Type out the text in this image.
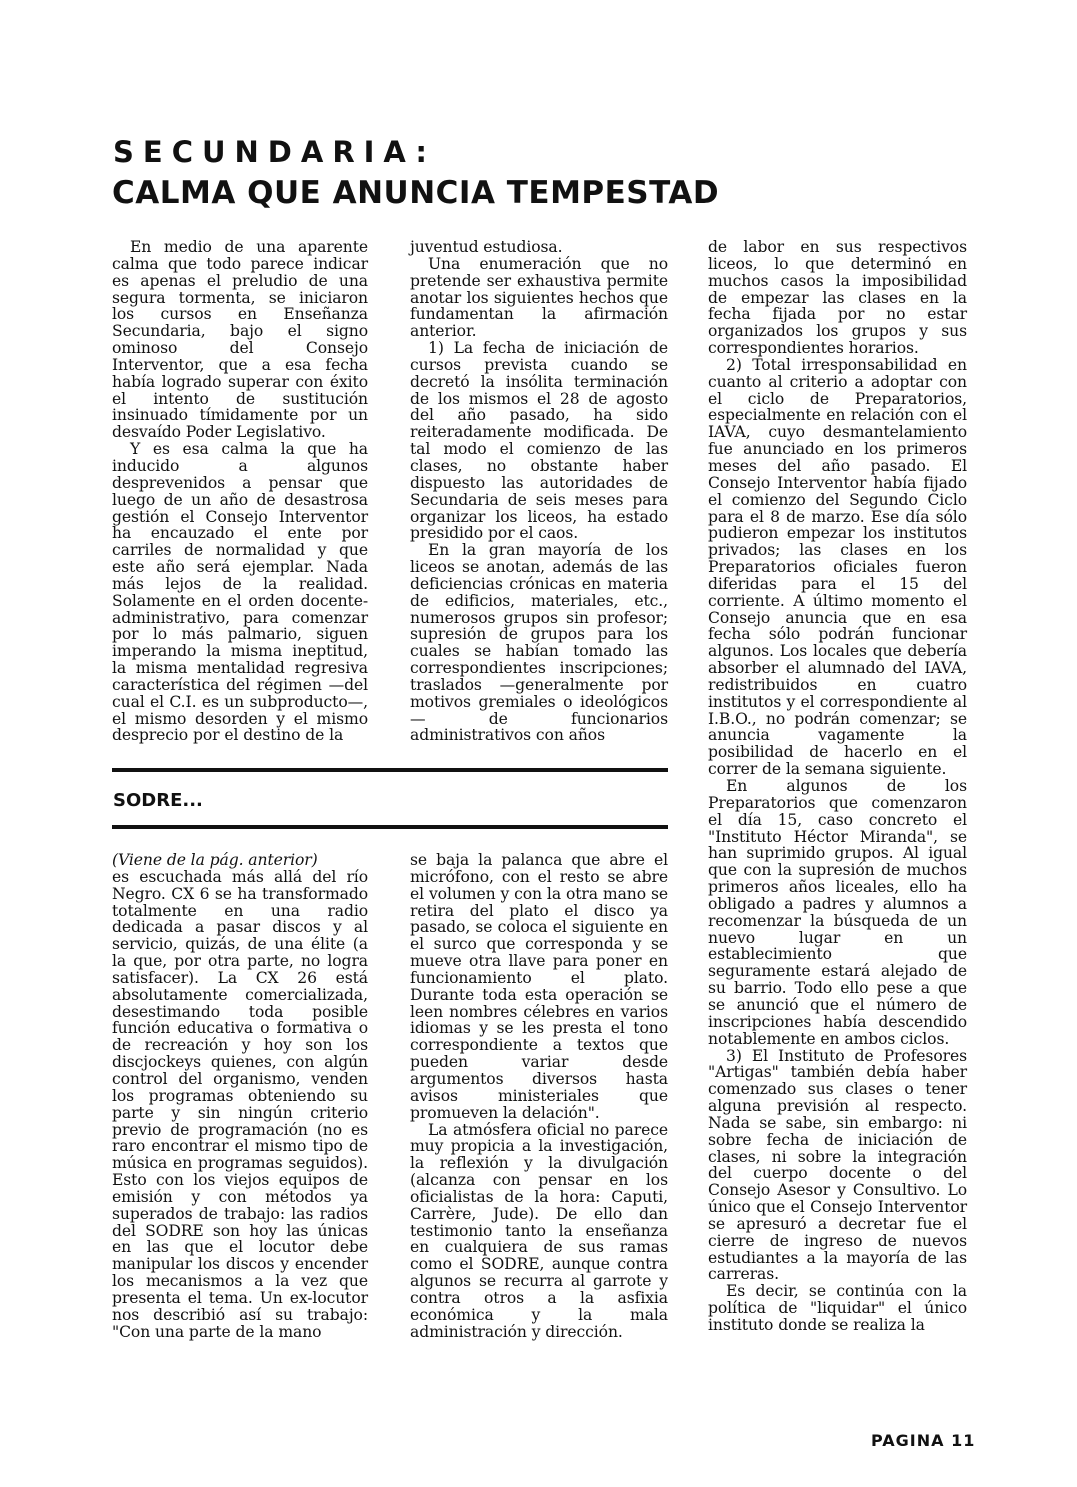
SECUNDARIA:
CALMA QUE ANUNCIA TEMPESTAD

En medio de una aparente calma que todo parece indicar es apenas el preludio de una segura tormenta, se iniciaron los cursos en Enseñanza Secundaria, bajo el signo ominoso del Consejo Interventor, que a esa fecha había logrado superar con éxito el intento de sustitución insinuado tímidamente por un desvaído Poder Legislativo.

Y es esa calma la que ha inducido a algunos desprevenidos a pensar que luego de un año de desastrosa gestión el Consejo Interventor ha encauzado el ente por carriles de normalidad y que este año será ejemplar. Nada más lejos de la realidad. Solamente en el orden docente-administrativo, para comenzar por lo más palmario, siguen imperando la misma ineptitud, la misma mentalidad regresiva característica del régimen —del cual el C.I. es un subproducto—, el mismo desorden y el mismo desprecio por el destino de la

juventud estudiosa.

Una enumeración que no pretende ser exhaustiva permite anotar los siguientes hechos que fundamentan la afirmación anterior.

1) La fecha de iniciación de cursos prevista cuando se decretó la insólita terminación de los mismos el 28 de agosto del año pasado, ha sido reiteradamente modificada. De tal modo el comienzo de las clases, no obstante haber dispuesto las autoridades de Secundaria de seis meses para organizar los liceos, ha estado presidido por el caos.

En la gran mayoría de los liceos se anotan, además de las deficiencias crónicas en materia de edificios, materiales, etc., numerosos grupos sin profesor; supresión de grupos para los cuales se habían tomado las correspondientes inscripciones; traslados —generalmente por motivos gremiales o ideológicos— de funcionarios administrativos con años

de labor en sus respectivos liceos, lo que determinó en muchos casos la imposibilidad de empezar las clases en la fecha fijada por no estar organizados los grupos y sus correspondientes horarios.

2) Total irresponsabilidad en cuanto al criterio a adoptar con el ciclo de Preparatorios, especialmente en relación con el IAVA, cuyo desmantelamiento fue anunciado en los primeros meses del año pasado. El Consejo Interventor había fijado el comienzo del Segundo Ciclo para el 8 de marzo. Ese día sólo pudieron empezar los institutos privados; las clases en los Preparatorios oficiales fueron diferidas para el 15 del corriente. A último momento el Consejo anuncia que en esa fecha sólo podrán funcionar algunos. Los locales que debería absorber el alumnado del IAVA, redistribuidos en cuatro institutos y el correspondiente al I.B.O., no podrán comenzar; se anuncia vagamente la posibilidad de hacerlo en el correr de la semana siguiente.

En algunos de los Preparatorios que comenzaron el día 15, caso concreto el "Instituto Héctor Miranda", se han suprimido grupos. Al igual que con la supresión de muchos primeros años liceales, ello ha obligado a padres y alumnos a recomenzar la búsqueda de un nuevo lugar en un establecimiento que seguramente estará alejado de su barrio. Todo ello pese a que se anunció que el número de inscripciones había descendido notablemente en ambos ciclos.

3) El Instituto de Profesores "Artigas" también debía haber comenzado sus clases o tener alguna previsión al respecto. Nada se sabe, sin embargo: ni sobre fecha de iniciación de clases, ni sobre la integración del cuerpo docente o del Consejo Asesor y Consultivo. Lo único que el Consejo Interventor se apresuró a decretar fue el cierre de ingreso de nuevos estudiantes a la mayoría de las carreras.

Es decir, se continúa con la política de "liquidar" el único instituto donde se realiza la

SODRE...

(Viene de la pág. anterior)

es escuchada más allá del río Negro. CX 6 se ha transformado totalmente en una radio dedicada a pasar discos y al servicio, quizás, de una élite (a la que, por otra parte, no logra satisfacer). La CX 26 está absolutamente comercializada, desestimando toda posible función educativa o formativa o de recreación y hoy son los discjockeys quienes, con algún control del organismo, venden los programas obteniendo su parte y sin ningún criterio previo de programación (no es raro encontrar el mismo tipo de música en programas seguidos). Esto con los viejos equipos de emisión y con métodos ya superados de trabajo: las radios del SODRE son hoy las únicas en las que el locutor debe manipular los discos y encender los mecanismos a la vez que presenta el tema. Un ex-locutor nos describió así su trabajo: "Con una parte de la mano

se baja la palanca que abre el micrófono, con el resto se abre el volumen y con la otra mano se retira del plato el disco ya pasado, se coloca el siguiente en el surco que corresponda y se mueve otra llave para poner en funcionamiento el plato. Durante toda esta operación se leen nombres célebres en varios idiomas y se les presta el tono correspondiente a textos que pueden variar desde argumentos diversos hasta avisos ministeriales que promueven la delación".

La atmósfera oficial no parece muy propicia a la investigación, la reflexión y la divulgación (alcanza con pensar en los oficialistas de la hora: Caputi, Carrère, Jude). De ello dan testimonio tanto la enseñanza en cualquiera de sus ramas como el SODRE, aunque contra algunos se recurra al garrote y contra otros a la asfixia económica y la mala administración y dirección.

PAGINA 11
